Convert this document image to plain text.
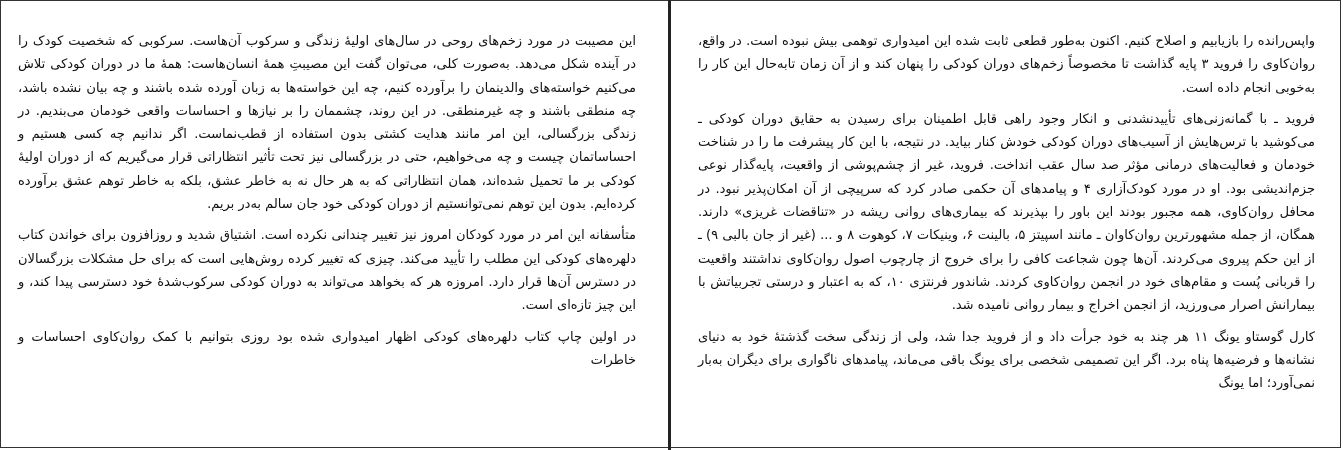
این مصیبت در مورد زخم‌های روحی در سال‌های اولیهٔ زندگی و سرکوب آن‌هاست. سرکوبی که شخصیت کودک را در آینده شکل می‌دهد. به‌صورت کلی، می‌توان گفت این مصیبتِ همهٔ انسان‌هاست: همهٔ ما در دوران کودکی تلاش می‌کنیم خواسته‌های والدینمان را برآورده کنیم، چه این خواسته‌ها به زبان آورده شده باشند و چه بیان نشده باشد، چه منطقی باشند و چه غیرمنطقی. در این روند، چشممان را بر نیازها و احساسات واقعی خودمان می‌بندیم. در زندگی بزرگسالی، این امر مانند هدایت کشتی بدون استفاده از قطب‌نماست. اگر ندانیم چه کسی هستیم و احساساتمان چیست و چه می‌خواهیم، حتی در بزرگسالی نیز تحت تأثیر انتظاراتی قرار می‌گیریم که از دوران اولیهٔ کودکی بر ما تحمیل شده‌اند، همان انتظاراتی که به هر حال نه به خاطر عشق، بلکه به خاطر توهم عشق برآورده کرده‌ایم. بدون این توهم نمی‌توانستیم از دوران کودکی خود جان سالم به‌در بریم.

متأسفانه این امر در مورد کودکان امروز نیز تغییر چندانی نکرده است. اشتیاق شدید و روزافزون برای خواندن کتاب دلهره‌های کودکی این مطلب را تأیید می‌کند. چیزی که تغییر کرده روش‌هایی است که برای حل مشکلات بزرگسالان در دسترس آن‌ها قرار دارد. امروزه هر که بخواهد می‌تواند به دوران کودکی سرکوب‌شدهٔ خود دسترسی پیدا کند، و این چیز تازه‌ای است.

در اولین چاپ کتاب دلهره‌های کودکی اظهار امیدواری شده بود روزی بتوانیم با کمک روان‌کاوی احساسات و خاطرات

واپس‌رانده را بازیابیم و اصلاح کنیم. اکنون به‌طور قطعی ثابت شده این امیدواری توهمی بیش نبوده است. در واقع، روان‌کاوی را فروید ۳ پایه گذاشت تا مخصوصاً زخم‌های دوران کودکی را پنهان کند و از آن زمان تابه‌حال این کار را به‌خوبی انجام داده است.

فروید ـ با گمانه‌زنی‌های تأییدنشدنی و انکار وجود راهی قابل اطمینان برای رسیدن به حقایق دوران کودکی ـ می‌کوشید با ترس‌هایش از آسیب‌های دوران کودکی خودش کنار بیاید. در نتیجه، با این کار پیشرفت ما را در شناخت خودمان و فعالیت‌های درمانی مؤثر صد سال عقب انداخت. فروید، غیر از چشم‌پوشی از واقعیت، پایه‌گذار نوعی جزم‌اندیشی بود. او در مورد کودک‌آزاری ۴ و پیامدهای آن حکمی صادر کرد که سرپیچی از آن امکان‌پذیر نبود. در محافل روان‌کاوی، همه مجبور بودند این باور را بپذیرند که بیماری‌های روانی ریشه در «تناقضات غریزی» دارند. همگان، از جمله مشهورترین روان‌کاوان ـ مانند اسپیتز ۵، بالینت ۶، وینیکات ۷، کوهوت ۸ و ... (غیر از جان بالبی ۹) ـ از این حکم پیروی می‌کردند. آن‌ها چون شجاعت کافی را برای خروج از چارچوب اصول روان‌کاوی نداشتند واقعیت را قربانی پُست و مقام‌های خود در انجمن روان‌کاوی کردند. شاندور فرنتزی ۱۰، که به اعتبار و درستی تجربیاتش با بیمارانش اصرار می‌ورزید، از انجمن اخراج و بیمار روانی نامیده شد.

کارل گوستاو یونگ ۱۱ هر چند به خود جرأت داد و از فروید جدا شد، ولی از زندگی سخت گذشتهٔ خود به دنیای نشانه‌ها و فرضیه‌ها پناه برد. اگر این تصمیمی شخصی برای یونگ باقی می‌ماند، پیامدهای ناگواری برای دیگران به‌بار نمی‌آورد؛ اما یونگ
